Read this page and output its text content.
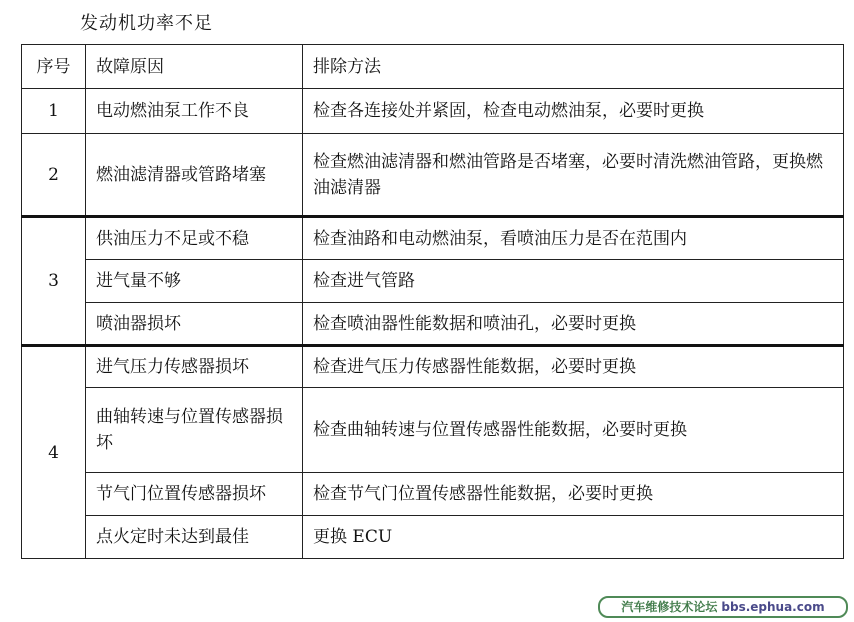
发动机功率不足
序号	故障原因	排除方法
1	电动燃油泵工作不良	检查各连接处并紧固，检查电动燃油泵，必要时更换
2	燃油滤清器或管路堵塞	检查燃油滤清器和燃油管路是否堵塞，必要时清洗燃油管路，更换燃油滤清器
3	供油压力不足或不稳	检查油路和电动燃油泵，看喷油压力是否在范围内
	进气量不够	检查进气管路
	喷油器损坏	检查喷油器性能数据和喷油孔，必要时更换
4	进气压力传感器损坏	检查进气压力传感器性能数据，必要时更换
	曲轴转速与位置传感器损坏	检查曲轴转速与位置传感器性能数据，必要时更换
	节气门位置传感器损坏	检查节气门位置传感器性能数据，必要时更换
	点火定时未达到最佳	更换 ECU
汽车维修技术论坛 bbs.ephua.com
